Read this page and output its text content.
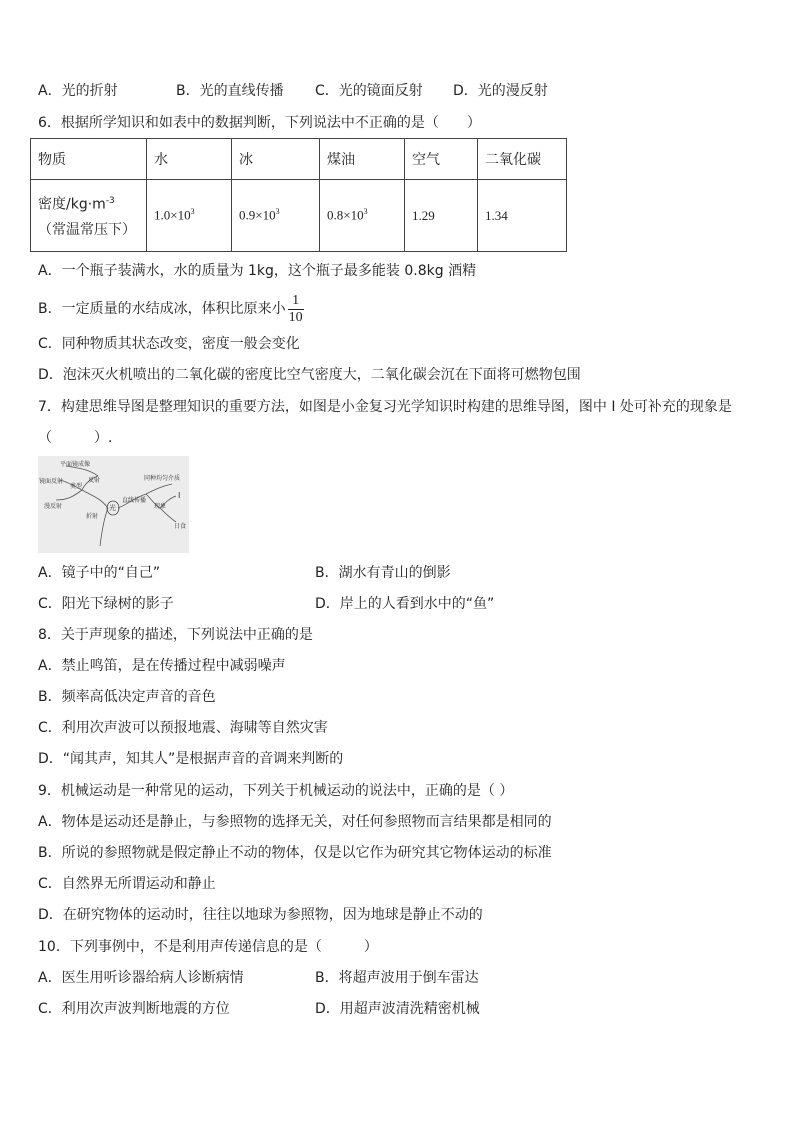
A．光的折射	B．光的直线传播 C．光的镜面反射 D．光的漫反射
6．根据所学知识和如表中的数据判断，下列说法中不正确的是（　　）
物质	水	冰	煤油	空气	二氧化碳
密度$/kg\cdot m^{-3}$
（常温常压下）	$1.0\times 10^3$	$0.9\times 10^3$	$0.8\times 10^3$	1.29	1.34
A．一个瓶子装满水，水的质量为 1kg，这个瓶子最多能装 0.8kg 酒精
B．一定质量的水结成冰，体积比原来小 $\frac{1}{10}$
C．同种物质其状态改变，密度一般会变化
D．泡沫灭火机喷出的二氧化碳的密度比空气密度大，二氧化碳会沉在下面将可燃物包围
7．构建思维导图是整理知识的重要方法，如图是小金复习光学知识时构建的思维导图，图中 I 处可补充的现象是
（　　　）.
平面镜成像
镜面反射
类型
反射
漫反射
折射
光
直线传播
同种均匀介质
现象
I
日食
A．镜子中的“自己”	B．湖水有青山的倒影
C．阳光下绿树的影子	D．岸上的人看到水中的“鱼”
8．关于声现象的描述，下列说法中正确的是
A．禁止鸣笛，是在传播过程中减弱噪声
B．频率高低决定声音的音色
C．利用次声波可以预报地震、海啸等自然灾害
D．“闻其声，知其人”是根据声音的音调来判断的
9．机械运动是一种常见的运动，下列关于机械运动的说法中，正确的是（ ）
A．物体是运动还是静止，与参照物的选择无关，对任何参照物而言结果都是相同的
B．所说的参照物就是假定静止不动的物体，仅是以它作为研究其它物体运动的标准
C．自然界无所谓运动和静止
D．在研究物体的运动时，往往以地球为参照物，因为地球是静止不动的
10．下列事例中，不是利用声传递信息的是（　　　）
A．医生用听诊器给病人诊断病情	B．将超声波用于倒车雷达
C．利用次声波判断地震的方位	D．用超声波清洗精密机械
